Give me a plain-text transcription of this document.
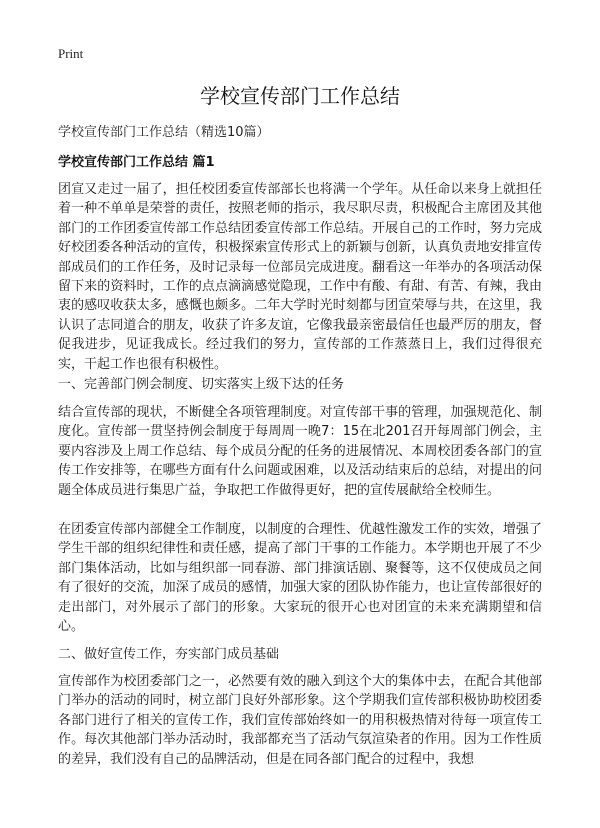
Print
学校宣传部门工作总结

学校宣传部门工作总结（精选10篇）

学校宣传部门工作总结 篇1

团宣又走过一届了，担任校团委宣传部部长也将满一个学年。从任命以来身上就担任着一种不单单是荣誉的责任，按照老师的指示，我尽职尽责，积极配合主席团及其他部门的工作团委宣传部工作总结团委宣传部工作总结。开展自己的工作时，努力完成好校团委各种活动的宣传，积极探索宣传形式上的新颖与创新，认真负责地安排宣传部成员们的工作任务，及时记录每一位部员完成进度。翻看这一年举办的各项活动保留下来的资料时，工作的点点滴滴感觉隐现，工作中有酸、有甜、有苦、有辣，我由衷的感叹收获太多，感慨也颇多。二年大学时光时刻都与团宣荣辱与共，在这里，我认识了志同道合的朋友，收获了许多友谊，它像我最亲密最信任也最严厉的朋友，督促我进步，见证我成长。经过我们的努力，宣传部的工作蒸蒸日上，我们过得很充实，干起工作也很有积极性。

一、完善部门例会制度、切实落实上级下达的任务

结合宣传部的现状，不断健全各项管理制度。对宣传部干事的管理，加强规范化、制度化。宣传部一贯坚持例会制度于每周周一晚7：15在北201召开每周部门例会，主要内容涉及上周工作总结、每个成员分配的任务的进展情况、本周校团委各部门的宣传工作安排等，在哪些方面有什么问题或困难，以及活动结束后的总结，对提出的问题全体成员进行集思广益，争取把工作做得更好，把的宣传展献给全校师生。

在团委宣传部内部健全工作制度，以制度的合理性、优越性激发工作的实效，增强了学生干部的组织纪律性和责任感，提高了部门干事的工作能力。本学期也开展了不少部门集体活动，比如与组织部一同春游、部门排演话剧、聚餐等，这不仅使成员之间有了很好的交流，加深了成员的感情，加强大家的团队协作能力，也让宣传部很好的走出部门，对外展示了部门的形象。大家玩的很开心也对团宣的未来充满期望和信心。

二、做好宣传工作，夯实部门成员基础

宣传部作为校团委部门之一，必然要有效的融入到这个大的集体中去，在配合其他部门举办的活动的同时，树立部门良好外部形象。这个学期我们宣传部积极协助校团委各部门进行了相关的宣传工作，我们宣传部始终如一的用积极热情对待每一项宣传工作。每次其他部门举办活动时，我部都充当了活动气氛渲染者的作用。因为工作性质的差异，我们没有自己的品牌活动，但是在同各部门配合的过程中，我想
